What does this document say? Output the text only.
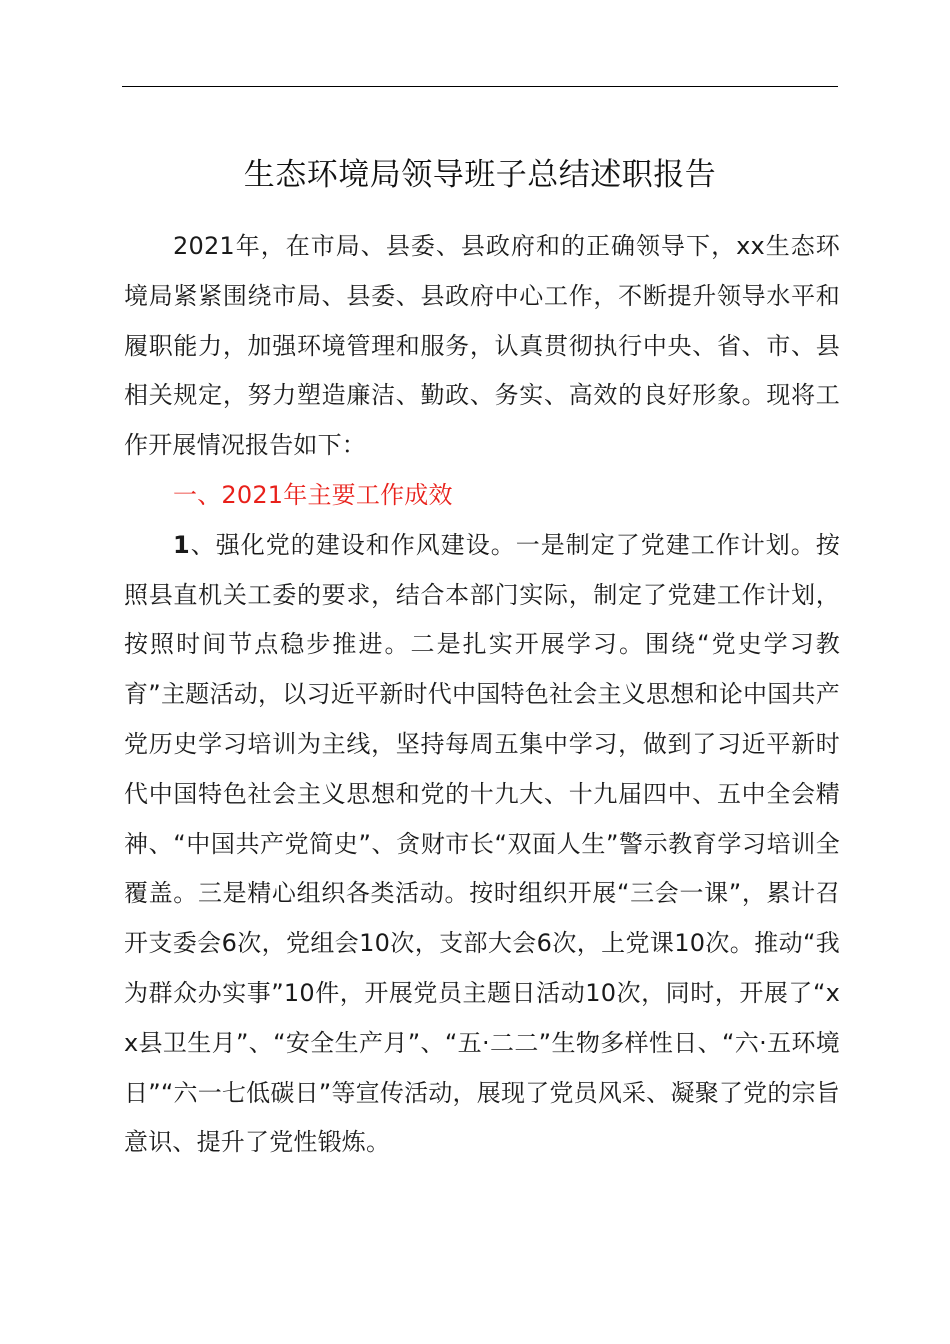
生态环境局领导班子总结述职报告

2021年，在市局、县委、县政府和的正确领导下，xx生态环境局紧紧围绕市局、县委、县政府中心工作，不断提升领导水平和履职能力，加强环境管理和服务，认真贯彻执行中央、省、市、县相关规定，努力塑造廉洁、勤政、务实、高效的良好形象。现将工作开展情况报告如下：

一、2021年主要工作成效

1、强化党的建设和作风建设。一是制定了党建工作计划。按照县直机关工委的要求，结合本部门实际，制定了党建工作计划，按照时间节点稳步推进。二是扎实开展学习。围绕“党史学习教育”主题活动，以习近平新时代中国特色社会主义思想和论中国共产党历史学习培训为主线，坚持每周五集中学习，做到了习近平新时代中国特色社会主义思想和党的十九大、十九届四中、五中全会精神、“中国共产党简史”、贪财市长“双面人生”警示教育学习培训全覆盖。三是精心组织各类活动。按时组织开展“三会一课”，累计召开支委会6次，党组会10次，支部大会6次，上党课10次。推动“我为群众办实事”10件，开展党员主题日活动10次，同时，开展了“xx县卫生月”、“安全生产月”、“五·二二”生物多样性日、“六·五环境日”“六一七低碳日”等宣传活动，展现了党员风采、凝聚了党的宗旨意识、提升了党性锻炼。
